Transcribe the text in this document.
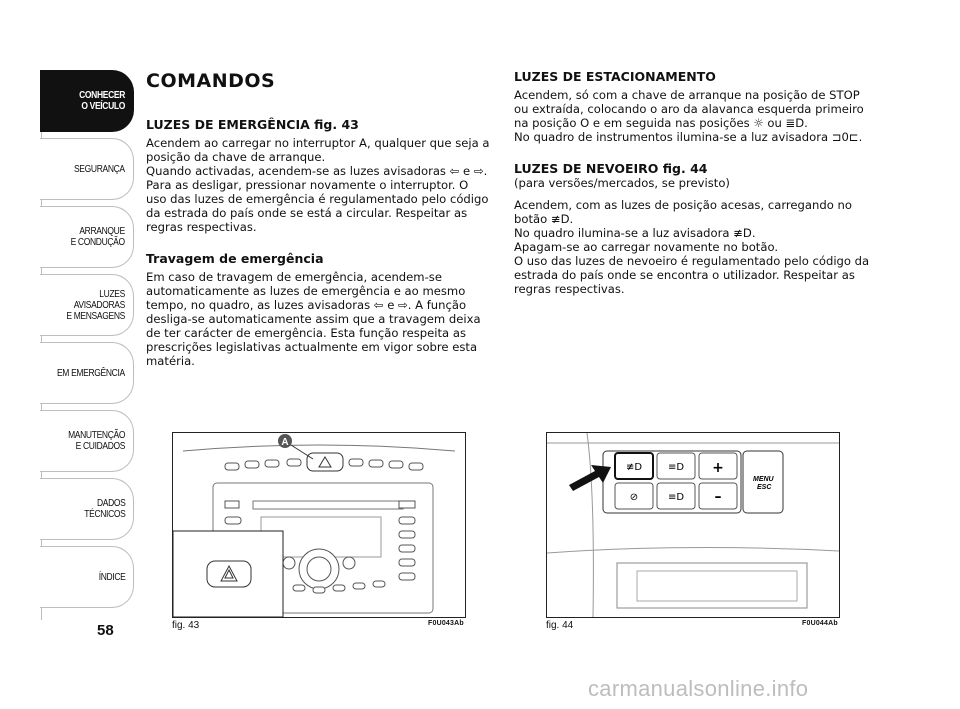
CONHECER
O VEÍCULO
SEGURANÇA
ARRANQUE
E CONDUÇÃO
LUZES
AVISADORAS
E MENSAGENS
EM EMERGÊNCIA
MANUTENÇÃO
E CUIDADOS
DADOS
TÉCNICOS
ÍNDICE
58
COMANDOS
LUZES DE EMERGÊNCIA fig. 43
Acendem ao carregar no interruptor A, qualquer que seja a posição da chave de arranque.
Quando activadas, acendem-se as luzes avisadoras ⇦ e ⇨. Para as desligar, pressionar novamente o interruptor. O uso das luzes de emergência é regulamentado pelo código da estrada do país onde se está a circular. Respeitar as regras respectivas.
Travagem de emergência
Em caso de travagem de emergência, acendem-se automaticamente as luzes de emergência e ao mesmo tempo, no quadro, as luzes avisadoras ⇦ e ⇨. A função desliga-se automaticamente assim que a travagem deixa de ter carácter de emergência. Esta função respeita as prescrições legislativas actualmente em vigor sobre esta matéria.
LUZES DE ESTACIONAMENTO
Acendem, só com a chave de arranque na posição de STOP ou extraída, colocando o aro da alavanca esquerda primeiro na posição O e em seguida nas posições ☼ ou ≣D.
No quadro de instrumentos ilumina-se a luz avisadora ⊐0⊏.
LUZES DE NEVOEIRO fig. 44
(para versões/mercados, se previsto)
Acendem, com as luzes de posição acesas, carregando no botão ≢D.
No quadro ilumina-se a luz avisadora ≢D.
Apagam-se ao carregar novamente no botão.
O uso das luzes de nevoeiro é regulamentado pelo código da estrada do país onde se encontra o utilizador. Respeitar as regras respectivas.
A
fig. 43	F0U043Ab
≢D	≡D
⊘	≡D
+
–
MENU
ESC
fig. 44	F0U044Ab
carmanualsonline.info
